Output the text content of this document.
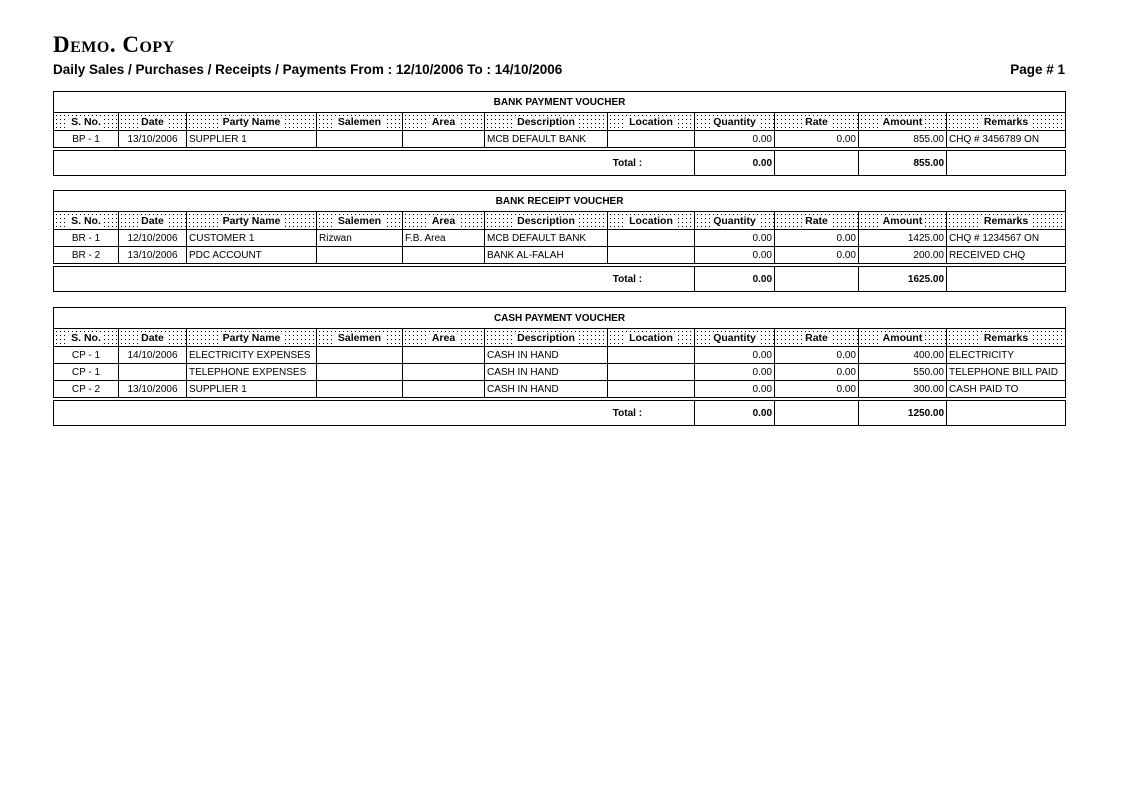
Demo. Copy
Daily Sales / Purchases / Receipts / Payments From : 12/10/2006 To : 14/10/2006	Page # 1
BANK PAYMENT VOUCHER										
S. No.	Date	Party Name	Salemen	Area	Description	Location	Quantity	Rate	Amount	Remarks
BP - 1	13/10/2006	SUPPLIER 1			MCB DEFAULT BANK		0.00	0.00	855.00	CHQ # 3456789 ON
Total :	0.00		855.00	
BANK RECEIPT VOUCHER										
S. No.	Date	Party Name	Salemen	Area	Description	Location	Quantity	Rate	Amount	Remarks
BR - 1	12/10/2006	CUSTOMER 1	Rizwan	F.B. Area	MCB DEFAULT BANK		0.00	0.00	1425.00	CHQ # 1234567 ON
BR - 2	13/10/2006	PDC ACCOUNT			BANK AL-FALAH		0.00	0.00	200.00	RECEIVED CHQ
Total :	0.00		1625.00	
CASH PAYMENT VOUCHER										
S. No.	Date	Party Name	Salemen	Area	Description	Location	Quantity	Rate	Amount	Remarks
CP - 1	14/10/2006	ELECTRICITY EXPENSES			CASH IN HAND		0.00	0.00	400.00	ELECTRICITY
CP - 1		TELEPHONE EXPENSES			CASH IN HAND		0.00	0.00	550.00	TELEPHONE BILL PAID
CP - 2	13/10/2006	SUPPLIER 1			CASH IN HAND		0.00	0.00	300.00	CASH PAID TO
Total :	0.00		1250.00	
